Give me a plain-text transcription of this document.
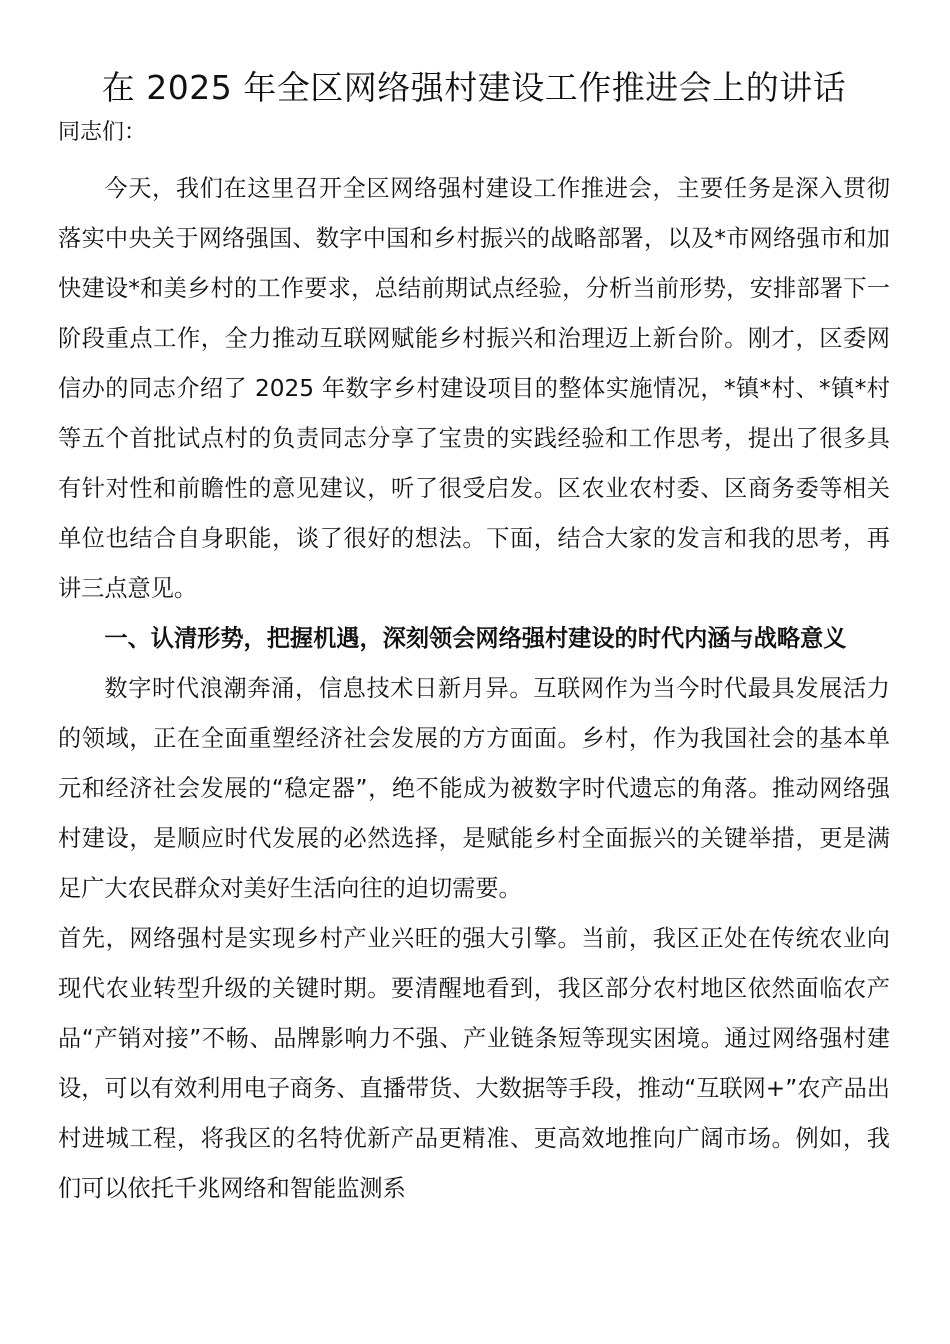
在 2025 年全区网络强村建设工作推进会上的讲话

同志们：

今天，我们在这里召开全区网络强村建设工作推进会，主要任务是深入贯彻落实中央关于网络强国、数字中国和乡村振兴的战略部署，以及*市网络强市和加快建设*和美乡村的工作要求，总结前期试点经验，分析当前形势，安排部署下一阶段重点工作，全力推动互联网赋能乡村振兴和治理迈上新台阶。刚才，区委网信办的同志介绍了 2025 年数字乡村建设项目的整体实施情况，*镇*村、*镇*村等五个首批试点村的负责同志分享了宝贵的实践经验和工作思考，提出了很多具有针对性和前瞻性的意见建议，听了很受启发。区农业农村委、区商务委等相关单位也结合自身职能，谈了很好的想法。下面，结合大家的发言和我的思考，再讲三点意见。

一、认清形势，把握机遇，深刻领会网络强村建设的时代内涵与战略意义

数字时代浪潮奔涌，信息技术日新月异。互联网作为当今时代最具发展活力的领域，正在全面重塑经济社会发展的方方面面。乡村，作为我国社会的基本单元和经济社会发展的“稳定器”，绝不能成为被数字时代遗忘的角落。推动网络强村建设，是顺应时代发展的必然选择，是赋能乡村全面振兴的关键举措，更是满足广大农民群众对美好生活向往的迫切需要。

首先，网络强村是实现乡村产业兴旺的强大引擎。当前，我区正处在传统农业向现代农业转型升级的关键时期。要清醒地看到，我区部分农村地区依然面临农产品“产销对接”不畅、品牌影响力不强、产业链条短等现实困境。通过网络强村建设，可以有效利用电子商务、直播带货、大数据等手段，推动“互联网+”农产品出村进城工程，将我区的名特优新产品更精准、更高效地推向广阔市场。例如，我们可以依托千兆网络和智能监测系
